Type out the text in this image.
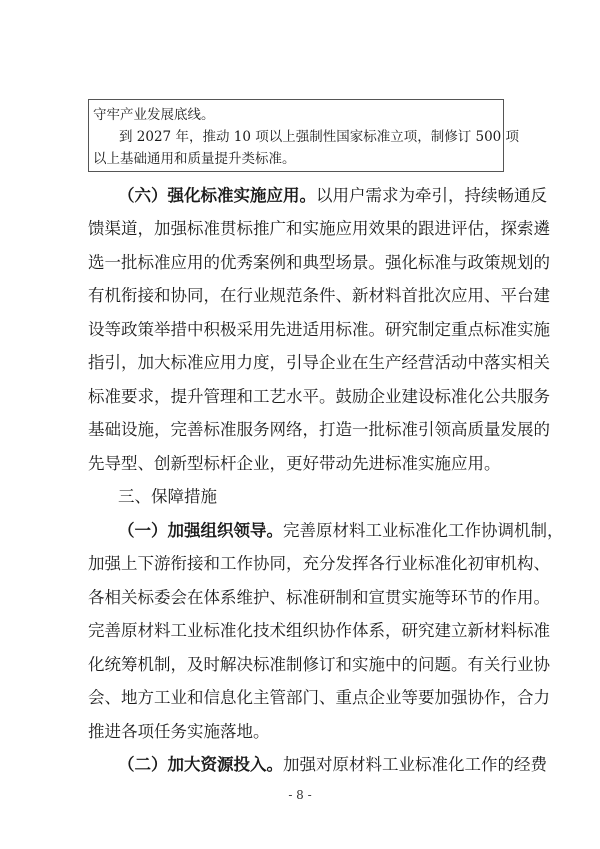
守牢产业发展底线。
到 2027 年，推动 10 项以上强制性国家标准立项，制修订 500 项
以上基础通用和质量提升类标准。
（六）强化标准实施应用。以用户需求为牵引，持续畅通反
馈渠道，加强标准贯标推广和实施应用效果的跟进评估，探索遴
选一批标准应用的优秀案例和典型场景。强化标准与政策规划的
有机衔接和协同，在行业规范条件、新材料首批次应用、平台建
设等政策举措中积极采用先进适用标准。研究制定重点标准实施
指引，加大标准应用力度，引导企业在生产经营活动中落实相关
标准要求，提升管理和工艺水平。鼓励企业建设标准化公共服务
基础设施，完善标准服务网络，打造一批标准引领高质量发展的
先导型、创新型标杆企业，更好带动先进标准实施应用。
三、保障措施
（一）加强组织领导。完善原材料工业标准化工作协调机制，
加强上下游衔接和工作协同，充分发挥各行业标准化初审机构、
各相关标委会在体系维护、标准研制和宣贯实施等环节的作用。
完善原材料工业标准化技术组织协作体系，研究建立新材料标准
化统筹机制，及时解决标准制修订和实施中的问题。有关行业协
会、地方工业和信息化主管部门、重点企业等要加强协作，合力
推进各项任务实施落地。
（二）加大资源投入。加强对原材料工业标准化工作的经费
- 8 -
